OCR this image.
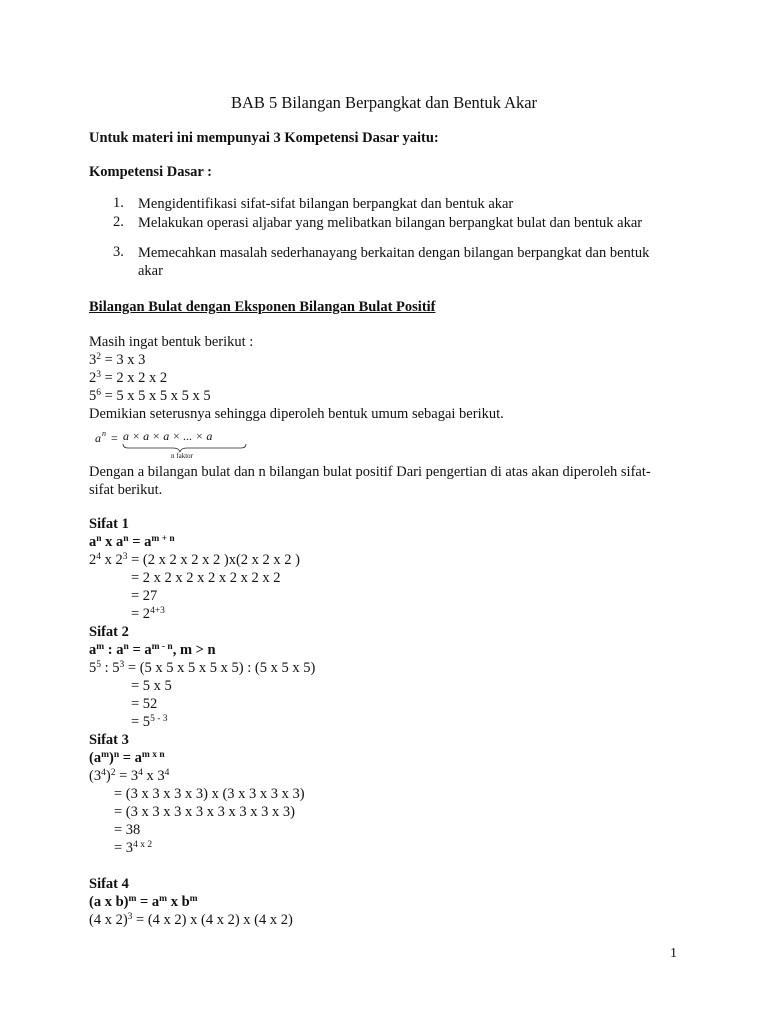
BAB 5 Bilangan Berpangkat dan Bentuk Akar
Untuk materi ini mempunyai 3 Kompetensi Dasar yaitu:
Kompetensi Dasar :
1. Mengidentifikasi sifat-sifat bilangan berpangkat dan bentuk akar
2. Melakukan operasi aljabar yang melibatkan bilangan berpangkat bulat dan bentuk akar
3. Memecahkan masalah sederhanayang berkaitan dengan bilangan berpangkat dan bentuk
akar
Bilangan Bulat dengan Eksponen Bilangan Bulat Positif
Masih ingat bentuk berikut :
$3^2 = 3$ x 3
$2^3 = 2$ x 2 x 2
$5^6 = 5$ x 5 x 5 x 5 x 5
Demikian seterusnya sehingga diperoleh bentuk umum sebagai berikut.
a n = a × a × a × ... × a
n faktor
Dengan a bilangan bulat dan n bilangan bulat positif Dari pengertian di atas akan diperoleh sifat-
sifat berikut.
Sifat 1
$a^n$ x $a^n = a^{m + n}$
$2^4$ x $2^3 = (2$ x 2 x 2 x 2 )x(2 x 2 x 2 )
= 2 x 2 x 2 x 2 x 2 x 2 x 2
= 27
= $2^{4+3}$
Sifat 2
$a^m$ : $a^n = a^{m - n}$, m > n
$5^5$ : $5^3 = (5$ x 5 x 5 x 5 x 5) : (5 x 5 x 5)
= 5 x 5
= 52
= $5^{5 - 3}$
Sifat 3
$(a^m)^n = a^{m x n}$
$(3^4)^2 = 3^4$ x $3^4$
= (3 x 3 x 3 x 3) x (3 x 3 x 3 x 3)
= (3 x 3 x 3 x 3 x 3 x 3 x 3 x 3)
= 38
= $3^{4 x 2}$
Sifat 4
(a x $b)^m = a^m$ x $b^m$
(4 x 2)$^3$ = (4 x 2) x (4 x 2) x (4 x 2)
1
